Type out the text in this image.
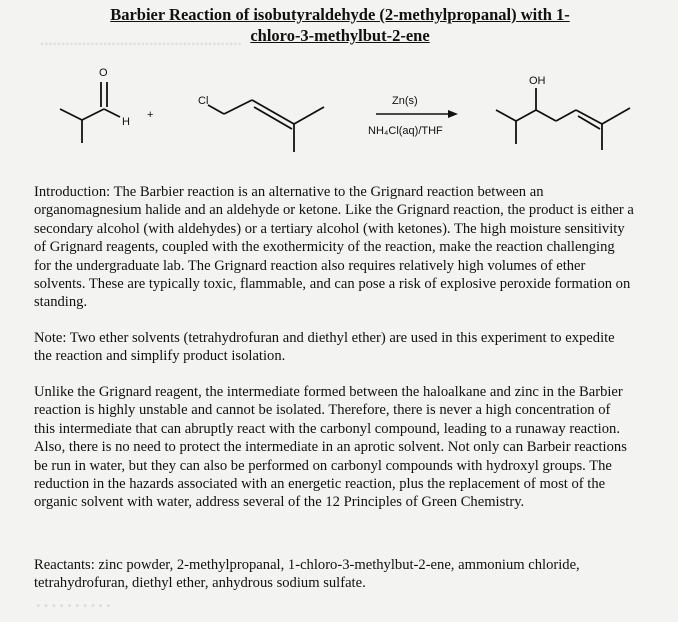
••••••••••••••••••••••••••••••••••••••••••••••••
Barbier Reaction of isobutyraldehyde (2-methylpropanal) with 1-
chloro-3-methylbut-2-ene
O
H
+
Cl	Zn(s)
NH₄Cl(aq)/THF
OH

Introduction: The Barbier reaction is an alternative to the Grignard reaction between an organomagnesium halide and an aldehyde or ketone. Like the Grignard reaction, the product is either a secondary alcohol (with aldehydes) or a tertiary alcohol (with ketones). The high moisture sensitivity of Grignard reagents, coupled with the exothermicity of the reaction, make the reaction challenging for the undergraduate lab. The Grignard reaction also requires relatively high volumes of ether solvents. These are typically toxic, flammable, and can pose a risk of explosive peroxide formation on standing.

Note: Two ether solvents (tetrahydrofuran and diethyl ether) are used in this experiment to expedite the reaction and simplify product isolation.

Unlike the Grignard reagent, the intermediate formed between the haloalkane and zinc in the Barbier reaction is highly unstable and cannot be isolated. Therefore, there is never a high concentration of this intermediate that can abruptly react with the carbonyl compound, leading to a runaway reaction. Also, there is no need to protect the intermediate in an aprotic solvent. Not only can Barbeir reactions be run in water, but they can also be performed on carbonyl compounds with hydroxyl groups. The reduction in the hazards associated with an energetic reaction, plus the replacement of most of the organic solvent with water, address several of the 12 Principles of Green Chemistry.

Reactants: zinc powder, 2-methylpropanal, 1-chloro-3-methylbut-2-ene, ammonium chloride, tetrahydrofuran, diethyl ether, anhydrous sodium sulfate.

• • • • • • • • • •
